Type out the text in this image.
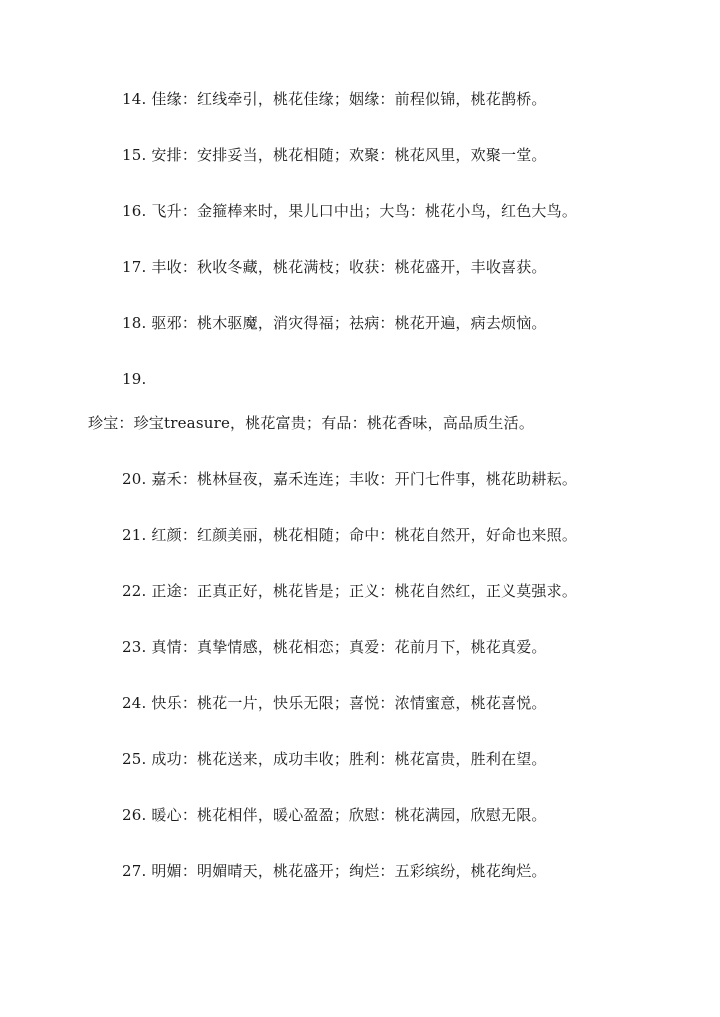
14. 佳缘：红线牵引，桃花佳缘；姻缘：前程似锦，桃花鹊桥。
15. 安排：安排妥当，桃花相随；欢聚：桃花风里，欢聚一堂。
16. 飞升：金箍棒来时，果儿口中出；大鸟：桃花小鸟，红色大鸟。
17. 丰收：秋收冬藏，桃花满枝；收获：桃花盛开，丰收喜获。
18. 驱邪：桃木驱魔，消灾得福；祛病：桃花开遍，病去烦恼。
19.
珍宝：珍宝treasure，桃花富贵；有品：桃花香味，高品质生活。
20. 嘉禾：桃林昼夜，嘉禾连连；丰收：开门七件事，桃花助耕耘。
21. 红颜：红颜美丽，桃花相随；命中：桃花自然开，好命也来照。
22. 正途：正真正好，桃花皆是；正义：桃花自然红，正义莫强求。
23. 真情：真挚情感，桃花相恋；真爱：花前月下，桃花真爱。
24. 快乐：桃花一片，快乐无限；喜悦：浓情蜜意，桃花喜悦。
25. 成功：桃花送来，成功丰收；胜利：桃花富贵，胜利在望。
26. 暖心：桃花相伴，暖心盈盈；欣慰：桃花满园，欣慰无限。
27. 明媚：明媚晴天，桃花盛开；绚烂：五彩缤纷，桃花绚烂。
